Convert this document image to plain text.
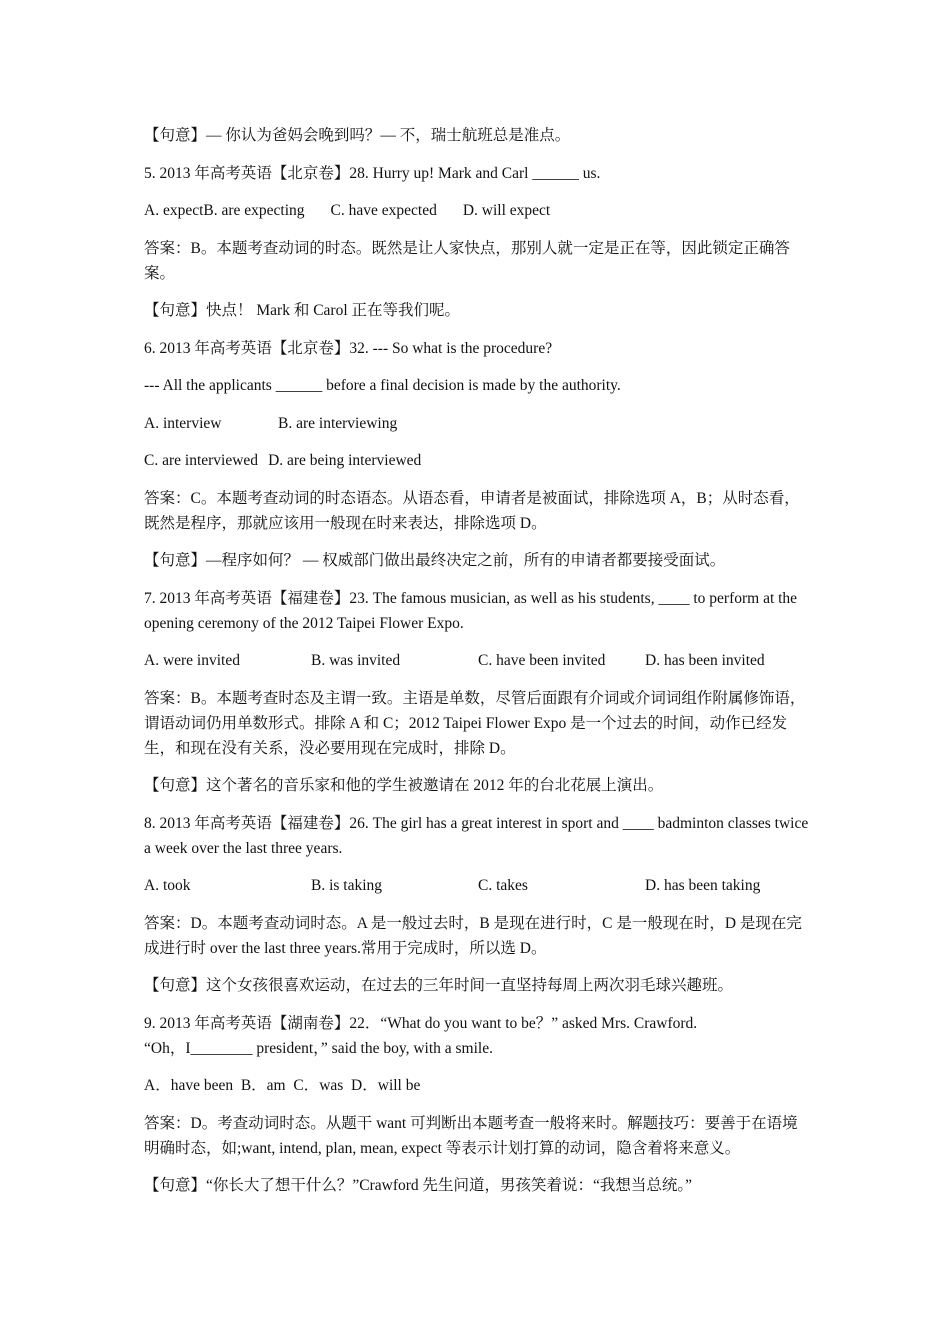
【句意】— 你认为爸妈会晚到吗？— 不，瑞士航班总是准点。

5. 2013 年高考英语【北京卷】28. Hurry up! Mark and Carl ______ us.

A. expect B. are expecting C. have expected D. will expect

答案：B。本题考查动词的时态。既然是让人家快点，那别人就一定是正在等，因此锁定正确答案。

【句意】快点！ Mark 和 Carol 正在等我们呢。

6. 2013 年高考英语【北京卷】32. --- So what is the procedure?

--- All the applicants ______ before a final decision is made by the authority.

A. interview	B. are interviewing
C. are interviewed D. are being interviewed

答案：C。本题考查动词的时态语态。从语态看，申请者是被面试，排除选项 A，B；从时态看，既然是程序，那就应该用一般现在时来表达，排除选项 D。

【句意】—程序如何？ — 权威部门做出最终决定之前，所有的申请者都要接受面试。

7. 2013 年高考英语【福建卷】23. The famous musician, as well as his students, ____ to perform at the opening ceremony of the 2012 Taipei Flower Expo.

A. were invited	B. was invited	C. have been invited	D. has been invited

答案：B。本题考查时态及主谓一致。主语是单数，尽管后面跟有介词或介词词组作附属修饰语，谓语动词仍用单数形式。排除 A 和 C；2012 Taipei Flower Expo 是一个过去的时间，动作已经发生，和现在没有关系，没必要用现在完成时，排除 D。

【句意】这个著名的音乐家和他的学生被邀请在 2012 年的台北花展上演出。

8. 2013 年高考英语【福建卷】26. The girl has a great interest in sport and ____ badminton classes twice a week over the last three years.

A. took	B. is taking	C. takes	D. has been taking

答案：D。本题考查动词时态。A 是一般过去时，B 是现在进行时，C 是一般现在时，D 是现在完成进行时 over the last three years.常用于完成时，所以选 D。

【句意】这个女孩很喜欢运动，在过去的三年时间一直坚持每周上两次羽毛球兴趣班。

9. 2013 年高考英语【湖南卷】22．“What do you want to be？” asked Mrs. Crawford.
“Oh，I________ president，” said the boy, with a smile.

A．have been  B．am  C．was  D．will be

答案：D。考查动词时态。从题干 want 可判断出本题考查一般将来时。解题技巧：要善于在语境明确时态，如;want, intend, plan, mean, expect 等表示计划打算的动词，隐含着将来意义。

【句意】“你长大了想干什么？”Crawford 先生问道，男孩笑着说：“我想当总统。”
